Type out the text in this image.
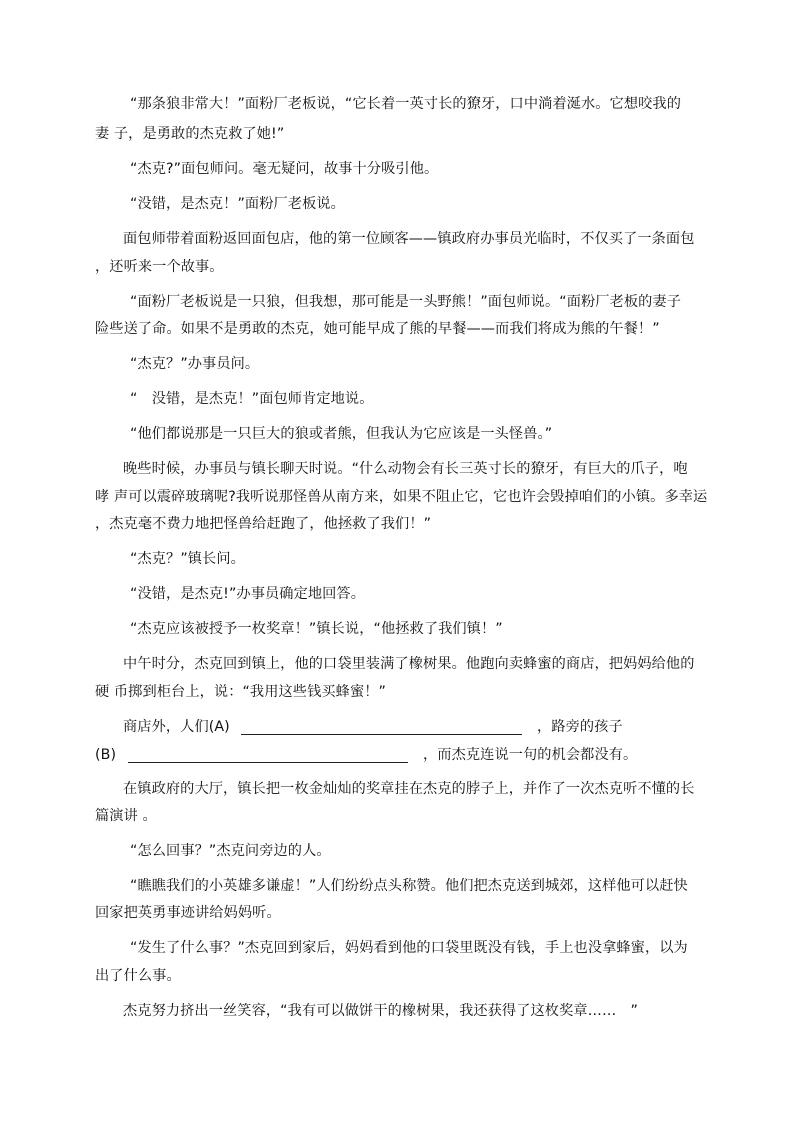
“那条狼非常大！”面粉厂老板说，“它长着一英寸长的獠牙，口中淌着涎水。它想咬我的
妻 子，是勇敢的杰克救了她!”
“杰克?”面包师问。毫无疑问，故事十分吸引他。
“没错，是杰克！”面粉厂老板说。
面包师带着面粉返回面包店，他的第一位顾客——镇政府办事员光临时，不仅买了一条面包
，还听来一个故事。
“面粉厂老板说是一只狼，但我想，那可能是一头野熊！”面包师说。“面粉厂老板的妻子
险些送了命。如果不是勇敢的杰克，她可能早成了熊的早餐——而我们将成为熊的午餐！”
“杰克？”办事员问。
“　没错，是杰克！”面包师肯定地说。
“他们都说那是一只巨大的狼或者熊，但我认为它应该是一头怪兽。”
晚些时候，办事员与镇长聊天时说。“什么动物会有长三英寸长的獠牙，有巨大的爪子，咆
哮 声可以震碎玻璃呢?我听说那怪兽从南方来，如果不阻止它，它也许会毁掉咱们的小镇。多幸运
，杰克毫不费力地把怪兽给赶跑了，他拯救了我们！”
“杰克？”镇长问。
“没错，是杰克!”办事员确定地回答。
“杰克应该被授予一枚奖章！”镇长说，“他拯救了我们镇！”
中午时分，杰克回到镇上，他的口袋里装满了橡树果。他跑向卖蜂蜜的商店，把妈妈给他的
硬 币掷到柜台上，说：“我用这些钱买蜂蜜！”
商店外，人们(A)	，路旁的孩子
(B)	，而杰克连说一句的机会都没有。
在镇政府的大厅，镇长把一枚金灿灿的奖章挂在杰克的脖子上，并作了一次杰克听不懂的长
篇演讲 。
“怎么回事？”杰克问旁边的人。
“瞧瞧我们的小英雄多谦虚！”人们纷纷点头称赞。他们把杰克送到城郊，这样他可以赶快
回家把英勇事迹讲给妈妈听。
“发生了什么事？”杰克回到家后，妈妈看到他的口袋里既没有钱，手上也没拿蜂蜜，以为
出了什么事。
杰克努力挤出一丝笑容，“我有可以做饼干的橡树果，我还获得了这枚奖章……　”
